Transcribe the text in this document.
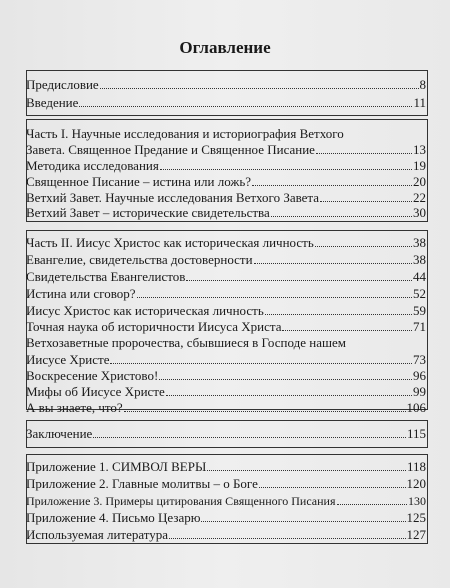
Оглавление
Предисловие	8
Введение	11
Часть I. Научные исследования и историография Ветхого
Завета. Священное Предание и Священное Писание	13
Методика исследования	19
Священное Писание – истина или ложь?	20
Ветхий Завет. Научные исследования Ветхого Завета	22
Ветхий Завет – исторические свидетельства	30
Часть II. Иисус Христос как историческая личность	38
Евангелие, свидетельства достоверности	38
Свидетельства Евангелистов	44
Истина или сговор?	52
Иисус Христос как историческая личность	59
Точная наука об историчности Иисуса Христа	71
Ветхозаветные пророчества, сбывшиеся в Господе нашем
Иисусе Христе	73
Воскресение Христово!	96
Мифы об Иисусе Христе	99
А вы знаете, что?	106
Заключение	115
Приложение 1. СИМВОЛ ВЕРЫ	118
Приложение 2. Главные молитвы – о Боге	120
Приложение 3. Примеры цитирования Священного Писания	130
Приложение 4. Письмо Цезарю	125
Используемая литература	127
